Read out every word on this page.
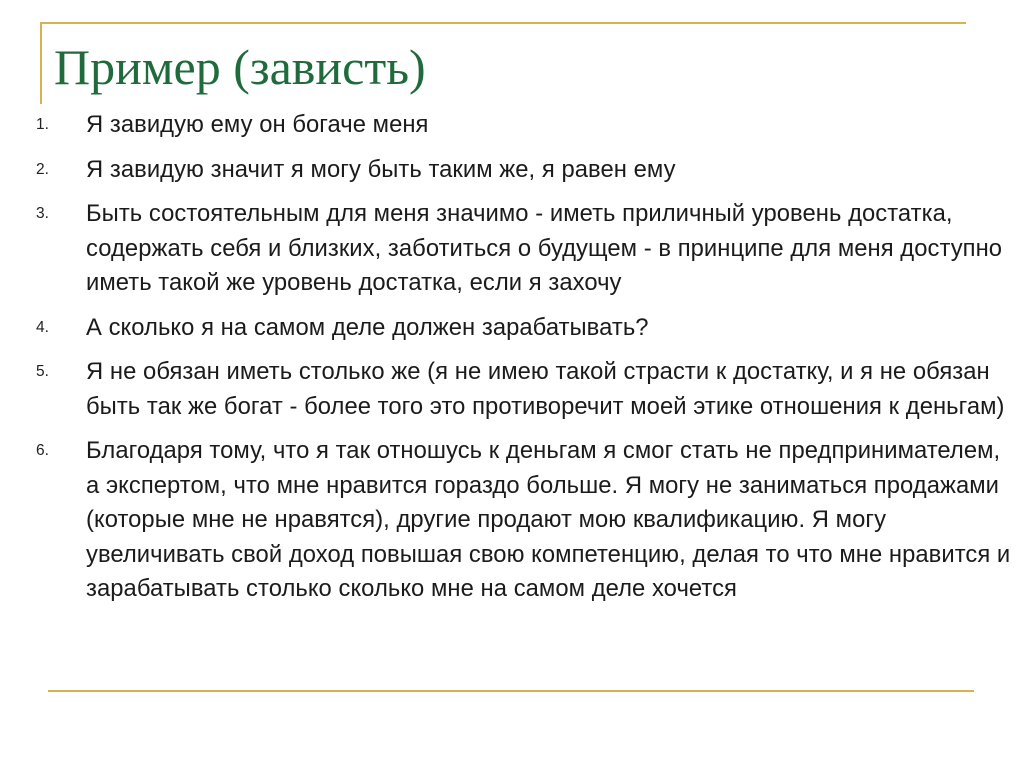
Пример (зависть)
1.	Я завидую ему он богаче меня
2.	Я завидую значит я могу быть таким же, я равен ему
3.	Быть состоятельным для меня значимо - иметь приличный уровень достатка, содержать себя и близких, заботиться о будущем - в принципе для меня доступно иметь такой же уровень достатка, если я захочу
4.	А сколько я на самом деле должен зарабатывать?
5.	Я не обязан иметь столько же (я не имею такой страсти к достатку, и я не обязан быть так же богат - более того это противоречит моей этике отношения к деньгам)
6.	Благодаря тому, что я так отношусь к деньгам я смог стать не предпринимателем, а экспертом, что мне нравится гораздо больше. Я могу не заниматься продажами (которые мне не нравятся), другие продают мою квалификацию. Я могу увеличивать свой доход повышая свою компетенцию, делая то что мне нравится и зарабатывать столько сколько мне на самом деле хочется
